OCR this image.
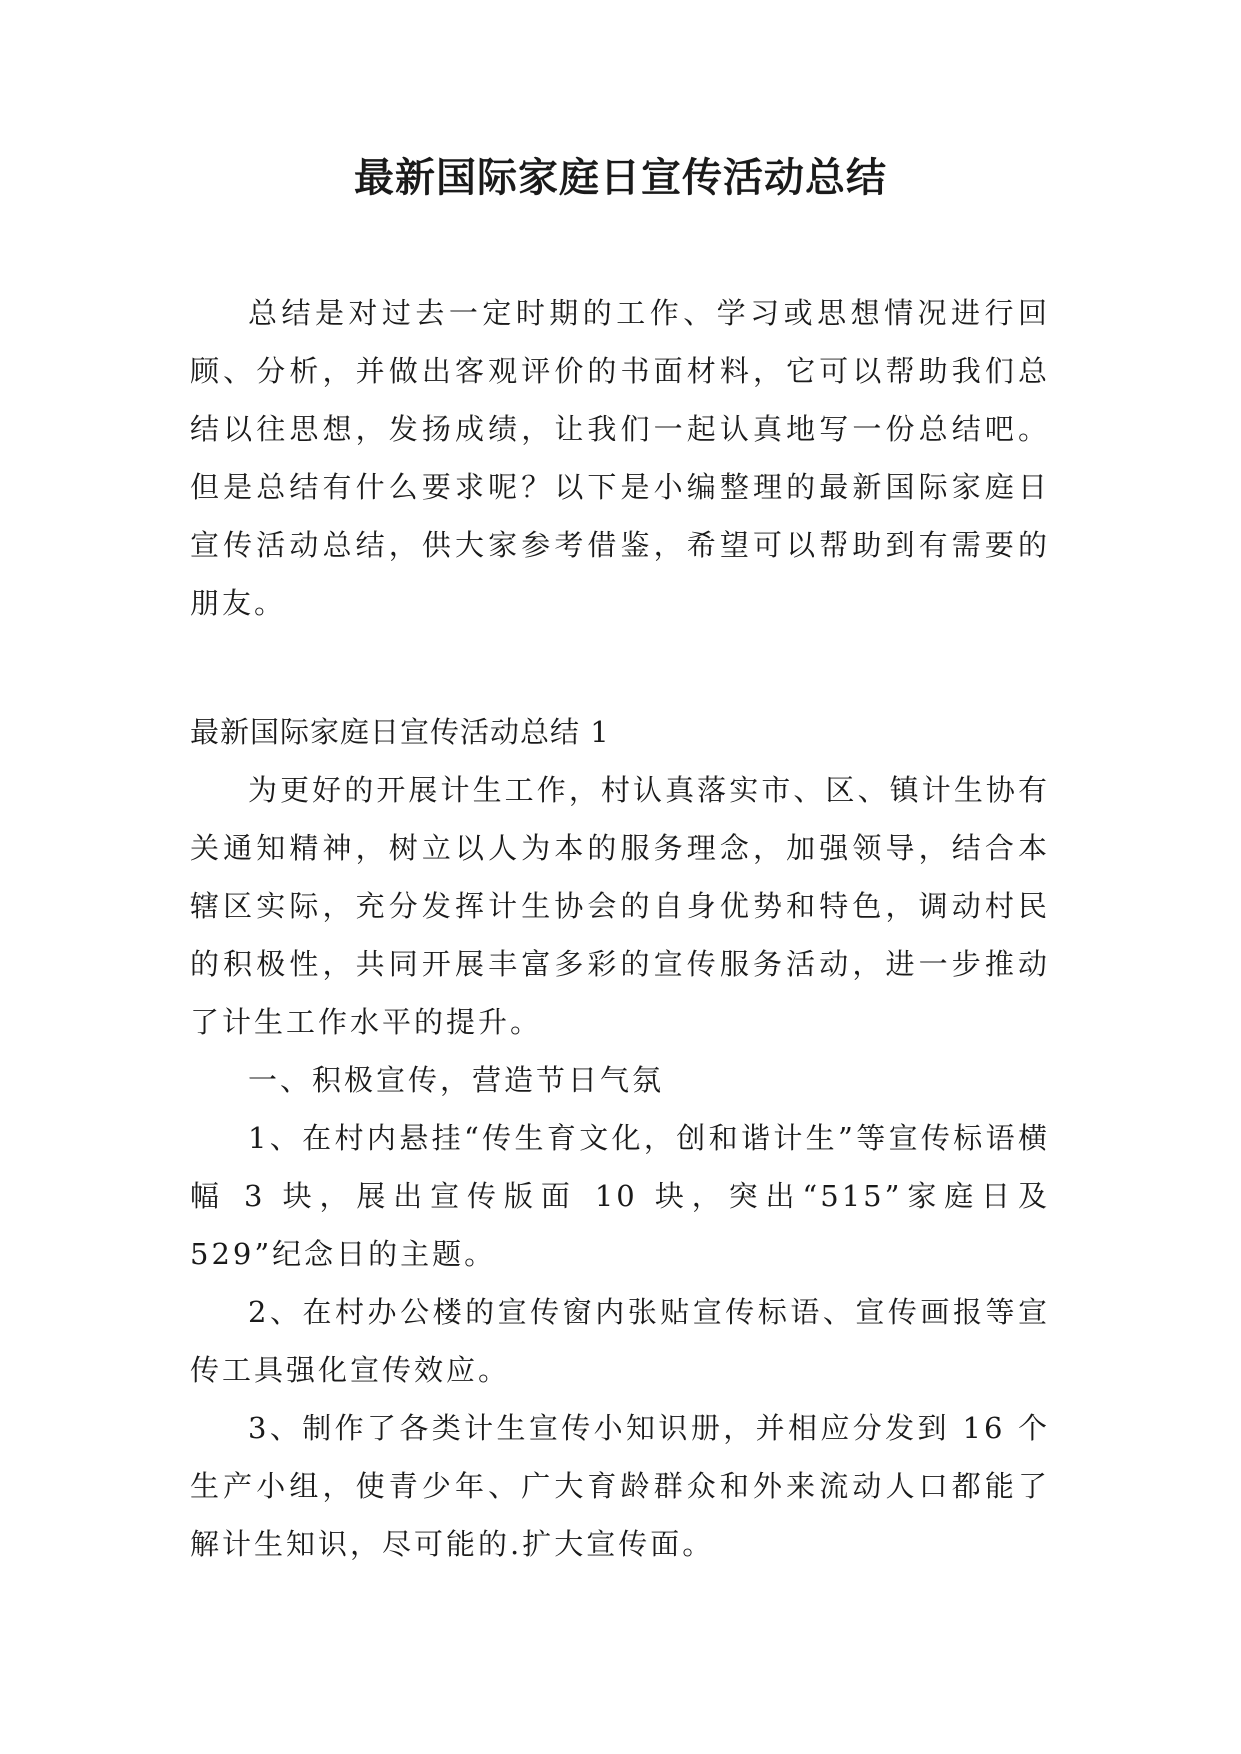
最新国际家庭日宣传活动总结

总结是对过去一定时期的工作、学习或思想情况进行回顾、分析，并做出客观评价的书面材料，它可以帮助我们总结以往思想，发扬成绩，让我们一起认真地写一份总结吧。但是总结有什么要求呢？以下是小编整理的最新国际家庭日宣传活动总结，供大家参考借鉴，希望可以帮助到有需要的朋友。

最新国际家庭日宣传活动总结 1

为更好的开展计生工作，村认真落实市、区、镇计生协有关通知精神，树立以人为本的服务理念，加强领导，结合本辖区实际，充分发挥计生协会的自身优势和特色，调动村民的积极性，共同开展丰富多彩的宣传服务活动，进一步推动了计生工作水平的提升。

一、积极宣传，营造节日气氛

1、在村内悬挂“传生育文化，创和谐计生”等宣传标语横幅 3 块，展出宣传版面 10 块，突出“515”家庭日及 529”纪念日的主题。

2、在村办公楼的宣传窗内张贴宣传标语、宣传画报等宣传工具强化宣传效应。

3、制作了各类计生宣传小知识册，并相应分发到 16 个生产小组，使青少年、广大育龄群众和外来流动人口都能了解计生知识，尽可能的.扩大宣传面。
